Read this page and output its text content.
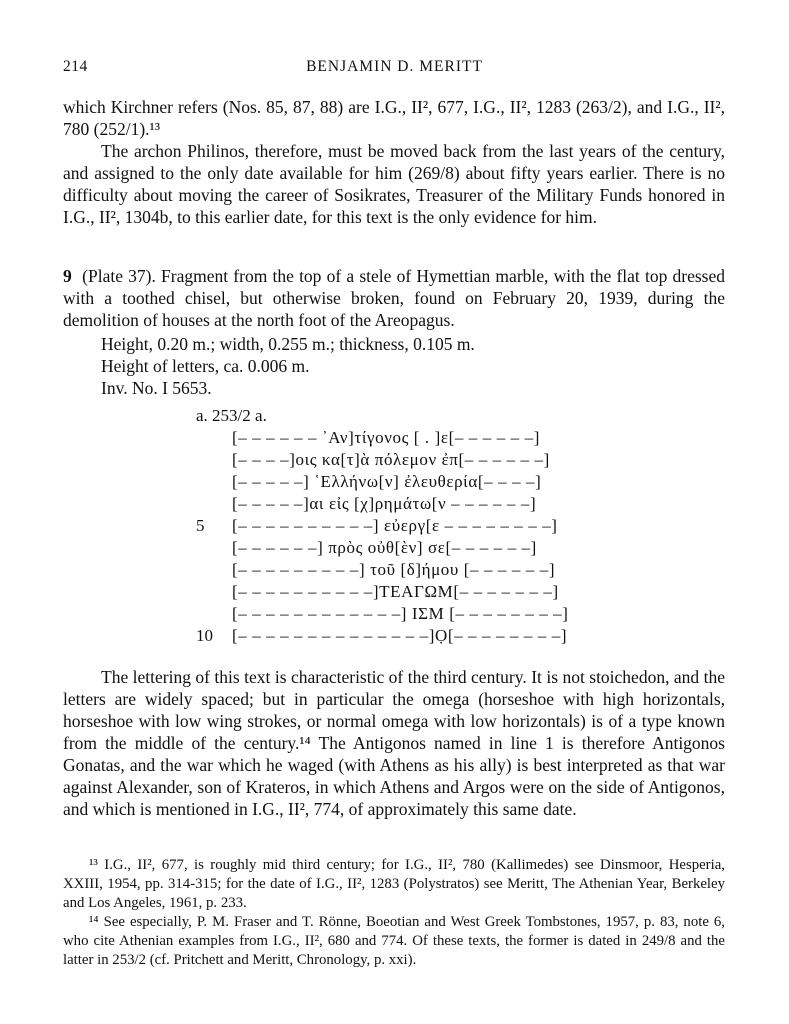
214	BENJAMIN D. MERITT

which Kirchner refers (Nos. 85, 87, 88) are I.G., II², 677, I.G., II², 1283 (263/2), and I.G., II², 780 (252/1).¹³

The archon Philinos, therefore, must be moved back from the last years of the century, and assigned to the only date available for him (269/8) about fifty years earlier. There is no difficulty about moving the career of Sosikrates, Treasurer of the Military Funds honored in I.G., II², 1304b, to this earlier date, for this text is the only evidence for him.

9 (Plate 37). Fragment from the top of a stele of Hymettian marble, with the flat top dressed with a toothed chisel, but otherwise broken, found on February 20, 1939, during the demolition of houses at the north foot of the Areopagus.

Height, 0.20 m.; width, 0.255 m.; thickness, 0.105 m.
Height of letters, ca. 0.006 m.
Inv. No. I 5653.
a. 253/2 a.
[– – – – – – ᾿Αν]τίγονος [ . ]ε[– – – – – –]
[– – – –]οις κα[τ]ὰ πόλεμον ἐπ[– – – – – –]
[– – – – –] ῾Ελλήνω[ν] ἐλευθερία[– – – –]
[– – – – –]αι εἰς [χ]ρημάτω[ν – – – – – –]
5	[– – – – – – – – – –] εὐεργ[ε – – – – – – – –]
[– – – – – –] πρὸς οὐθ[ὲν] σε[– – – – – –]
[– – – – – – – – –] τοῦ [δ]ήμου [– – – – – –]
[– – – – – – – – – –]ΤΕΑΓΩΜ[– – – – – – –]
[– – – – – – – – – – – –] ΙΣΜ [– – – – – – – –]
10 [– – – – – – – – – – – – – –]Ọ[– – – – – – – –]

The lettering of this text is characteristic of the third century. It is not stoichedon, and the letters are widely spaced; but in particular the omega (horseshoe with high horizontals, horseshoe with low wing strokes, or normal omega with low horizontals) is of a type known from the middle of the century.¹⁴ The Antigonos named in line 1 is therefore Antigonos Gonatas, and the war which he waged (with Athens as his ally) is best interpreted as that war against Alexander, son of Krateros, in which Athens and Argos were on the side of Antigonos, and which is mentioned in I.G., II², 774, of approximately this same date.

¹³ I.G., II², 677, is roughly mid third century; for I.G., II², 780 (Kallimedes) see Dinsmoor, Hesperia, XXIII, 1954, pp. 314-315; for the date of I.G., II², 1283 (Polystratos) see Meritt, The Athenian Year, Berkeley and Los Angeles, 1961, p. 233.

¹⁴ See especially, P. M. Fraser and T. Rönne, Boeotian and West Greek Tombstones, 1957, p. 83, note 6, who cite Athenian examples from I.G., II², 680 and 774. Of these texts, the former is dated in 249/8 and the latter in 253/2 (cf. Pritchett and Meritt, Chronology, p. xxi).
